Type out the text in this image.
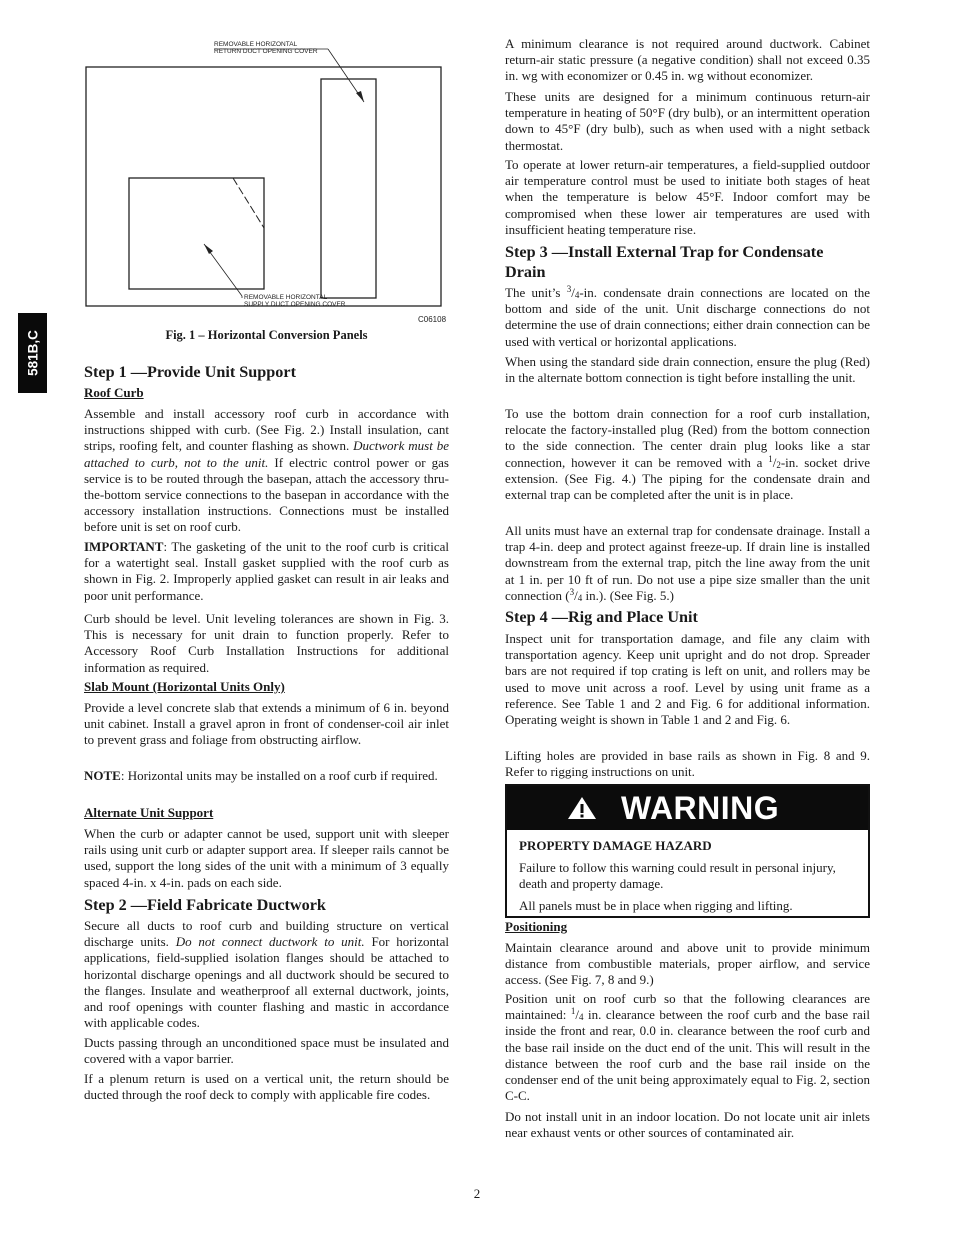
581B,C
REMOVABLE HORIZONTAL
RETURN DUCT OPENING COVER
REMOVABLE HORIZONTAL
SUPPLY DUCT OPENING COVER
C06108
Fig. 1 – Horizontal Conversion Panels
Step 1 —Provide Unit Support
Roof Curb

Assemble and install accessory roof curb in accordance with instructions shipped with curb. (See Fig. 2.) Install insulation, cant strips, roofing felt, and counter flashing as shown. Ductwork must be attached to curb, not to the unit. If electric control power or gas service is to be routed through the basepan, attach the accessory thru-the-bottom service connections to the basepan in accordance with the accessory installation instructions. Connections must be installed before unit is set on roof curb.

IMPORTANT: The gasketing of the unit to the roof curb is critical for a watertight seal. Install gasket supplied with the roof curb as shown in Fig. 2. Improperly applied gasket can result in air leaks and poor unit performance.

Curb should be level. Unit leveling tolerances are shown in Fig. 3. This is necessary for unit drain to function properly. Refer to Accessory Roof Curb Installation Instructions for additional information as required.

Slab Mount (Horizontal Units Only)

Provide a level concrete slab that extends a minimum of 6 in. beyond unit cabinet. Install a gravel apron in front of condenser-coil air inlet to prevent grass and foliage from obstructing airflow.

NOTE: Horizontal units may be installed on a roof curb if required.

Alternate Unit Support

When the curb or adapter cannot be used, support unit with sleeper rails using unit curb or adapter support area. If sleeper rails cannot be used, support the long sides of the unit with a minimum of 3 equally spaced 4-in. x 4-in. pads on each side.

Step 2 —Field Fabricate Ductwork

Secure all ducts to roof curb and building structure on vertical discharge units. Do not connect ductwork to unit. For horizontal applications, field-supplied isolation flanges should be attached to horizontal discharge openings and all ductwork should be secured to the flanges. Insulate and weatherproof all external ductwork, joints, and roof openings with counter flashing and mastic in accordance with applicable codes.

Ducts passing through an unconditioned space must be insulated and covered with a vapor barrier.

If a plenum return is used on a vertical unit, the return should be ducted through the roof deck to comply with applicable fire codes.

A minimum clearance is not required around ductwork. Cabinet return-air static pressure (a negative condition) shall not exceed 0.35 in. wg with economizer or 0.45 in. wg without economizer.

These units are designed for a minimum continuous return-air temperature in heating of 50°F (dry bulb), or an intermittent operation down to 45°F (dry bulb), such as when used with a night setback thermostat.

To operate at lower return-air temperatures, a field-supplied outdoor air temperature control must be used to initiate both stages of heat when the temperature is below 45°F. Indoor comfort may be compromised when these lower air temperatures are used with insufficient heating temperature rise.

Step 3 —Install External Trap for Condensate
Drain

The unit’s $^3/_4-in$. condensate drain connections are located on the bottom and side of the unit. Unit discharge connections do not determine the use of drain connections; either drain connection can be used with vertical or horizontal applications.

When using the standard side drain connection, ensure the plug (Red) in the alternate bottom connection is tight before installing the unit.

To use the bottom drain connection for a roof curb installation, relocate the factory-installed plug (Red) from the bottom connection to the side connection. The center drain plug looks like a star connection, however it can be removed with a $^1/_2-in$. socket drive extension. (See Fig. 4.) The piping for the condensate drain and external trap can be completed after the unit is in place.

All units must have an external trap for condensate drainage. Install a trap 4-in. deep and protect against freeze-up. If drain line is installed downstream from the external trap, pitch the line away from the unit at 1 in. per 10 ft of run. Do not use a pipe size smaller than the unit connection ($^3/_4$ in.). (See Fig. 5.)

Step 4 —Rig and Place Unit

Inspect unit for transportation damage, and file any claim with transportation agency. Keep unit upright and do not drop. Spreader bars are not required if top crating is left on unit, and rollers may be used to move unit across a roof. Level by using unit frame as a reference. See Table 1 and 2 and Fig. 6 for additional information. Operating weight is shown in Table 1 and 2 and Fig. 6.

Lifting holes are provided in base rails as shown in Fig. 8 and 9. Refer to rigging instructions on unit.

Positioning

Maintain clearance around and above unit to provide minimum distance from combustible materials, proper airflow, and service access. (See Fig. 7, 8 and 9.)

Position unit on roof curb so that the following clearances are maintained: $^1/_4$ in. clearance between the roof curb and the base rail inside the front and rear, 0.0 in. clearance between the roof curb and the base rail inside on the duct end of the unit. This will result in the distance between the roof curb and the base rail inside on the condenser end of the unit being approximately equal to Fig. 2, section C-C.

Do not install unit in an indoor location. Do not locate unit air inlets near exhaust vents or other sources of contaminated air.

WARNING

PROPERTY DAMAGE HAZARD

Failure to follow this warning could result in personal injury, death and property damage.

All panels must be in place when rigging and lifting.

2
